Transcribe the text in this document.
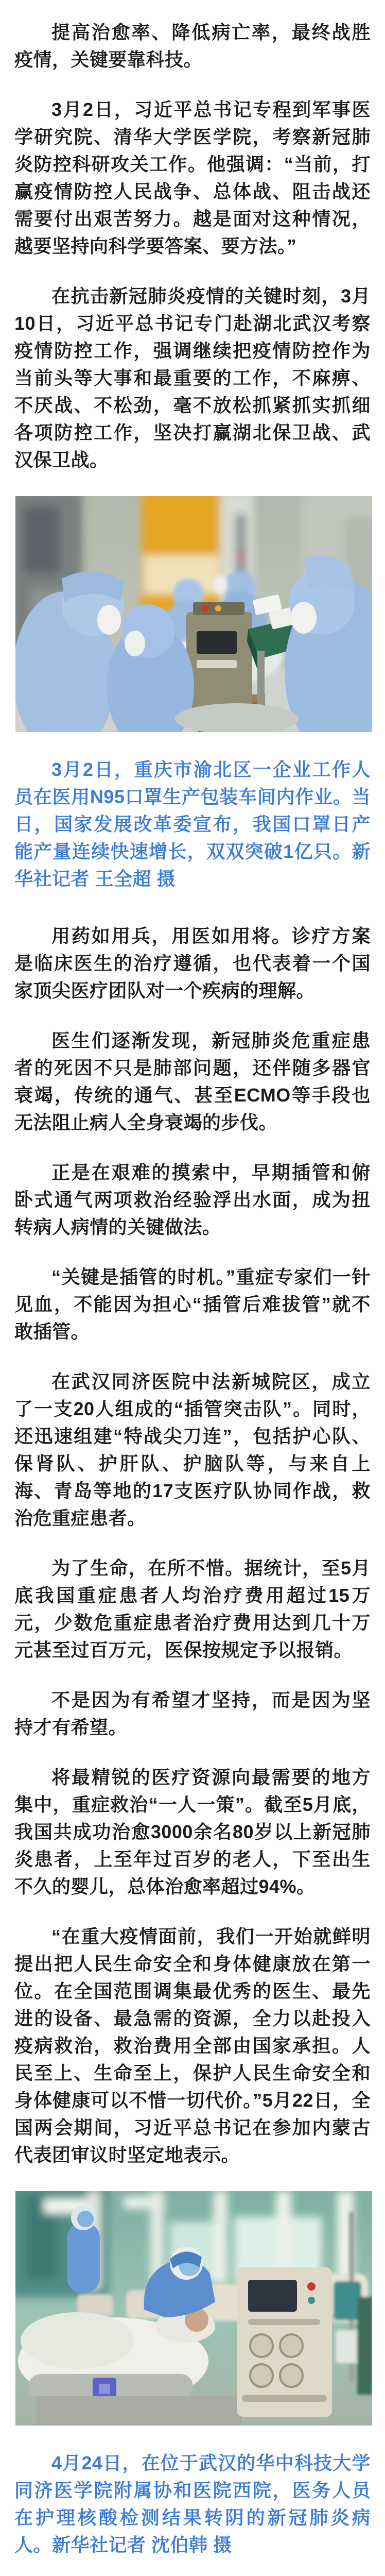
提高治愈率、降低病亡率，最终战胜疫情，关键要靠科技。

3月2日，习近平总书记专程到军事医学研究院、清华大学医学院，考察新冠肺炎防控科研攻关工作。他强调：“当前，打赢疫情防控人民战争、总体战、阻击战还需要付出艰苦努力。越是面对这种情况，越要坚持向科学要答案、要方法。”

在抗击新冠肺炎疫情的关键时刻，3月10日，习近平总书记专门赴湖北武汉考察疫情防控工作，强调继续把疫情防控作为当前头等大事和最重要的工作，不麻痹、不厌战、不松劲，毫不放松抓紧抓实抓细各项防控工作，坚决打赢湖北保卫战、武汉保卫战。

3月2日，重庆市渝北区一企业工作人员在医用N95口罩生产包装车间内作业。当日，国家发展改革委宣布，我国口罩日产能产量连续快速增长，双双突破1亿只。新华社记者 王全超 摄

用药如用兵，用医如用将。诊疗方案是临床医生的治疗遵循，也代表着一个国家顶尖医疗团队对一个疾病的理解。

医生们逐渐发现，新冠肺炎危重症患者的死因不只是肺部问题，还伴随多器官衰竭，传统的通气、甚至ECMO等手段也无法阻止病人全身衰竭的步伐。

正是在艰难的摸索中，早期插管和俯卧式通气两项救治经验浮出水面，成为扭转病人病情的关键做法。

“关键是插管的时机。”重症专家们一针见血，不能因为担心“插管后难拔管”就不敢插管。

在武汉同济医院中法新城院区，成立了一支20人组成的“插管突击队”。同时，还迅速组建“特战尖刀连”，包括护心队、保肾队、护肝队、护脑队等，与来自上海、青岛等地的17支医疗队协同作战，救治危重症患者。

为了生命，在所不惜。据统计，至5月底我国重症患者人均治疗费用超过15万元，少数危重症患者治疗费用达到几十万元甚至过百万元，医保按规定予以报销。

不是因为有希望才坚持，而是因为坚持才有希望。

将最精锐的医疗资源向最需要的地方集中，重症救治“一人一策”。截至5月底，我国共成功治愈3000余名80岁以上新冠肺炎患者，上至年过百岁的老人，下至出生不久的婴儿，总体治愈率超过94%。

“在重大疫情面前，我们一开始就鲜明提出把人民生命安全和身体健康放在第一位。在全国范围调集最优秀的医生、最先进的设备、最急需的资源，全力以赴投入疫病救治，救治费用全部由国家承担。人民至上、生命至上，保护人民生命安全和身体健康可以不惜一切代价。”5月22日，全国两会期间，习近平总书记在参加内蒙古代表团审议时坚定地表示。

4月24日，在位于武汉的华中科技大学同济医学院附属协和医院西院，医务人员在护理核酸检测结果转阴的新冠肺炎病人。新华社记者 沈伯韩 摄
